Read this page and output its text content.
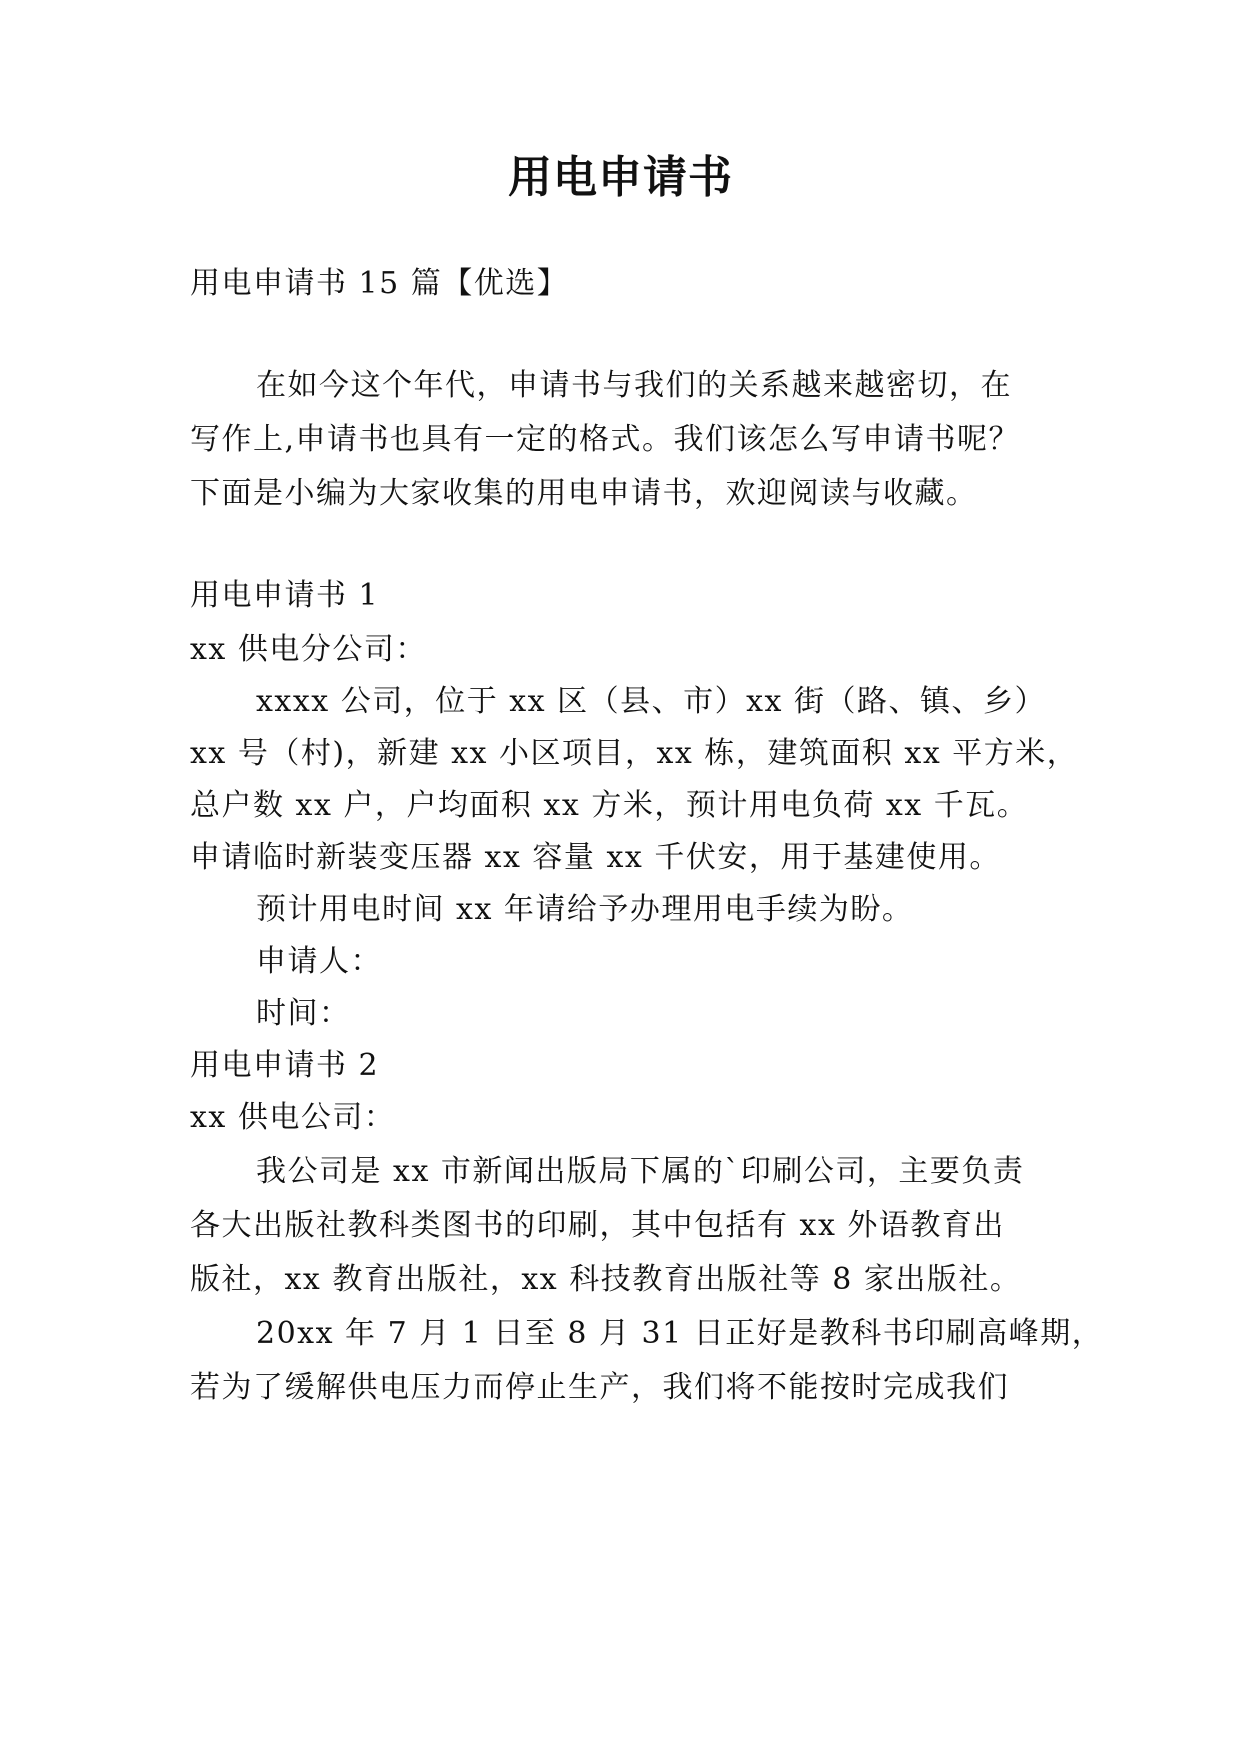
用电申请书
用电申请书 15 篇【优选】
在如今这个年代，申请书与我们的关系越来越密切，在
写作上,申请书也具有一定的格式。我们该怎么写申请书呢？
下面是小编为大家收集的用电申请书，欢迎阅读与收藏。
用电申请书 1
xx 供电分公司：
xxxx 公司，位于 xx 区（县、市）xx 街（路、镇、乡）
xx 号（村)，新建 xx 小区项目，xx 栋，建筑面积 xx 平方米，
总户数 xx 户，户均面积 xx 方米，预计用电负荷 xx 千瓦。
申请临时新装变压器 xx 容量 xx 千伏安，用于基建使用。
预计用电时间 xx 年请给予办理用电手续为盼。
申请人：
时间：
用电申请书 2
xx 供电公司：
我公司是 xx 市新闻出版局下属的`印刷公司，主要负责
各大出版社教科类图书的印刷，其中包括有 xx 外语教育出
版社，xx 教育出版社，xx 科技教育出版社等 8 家出版社。
20xx 年 7 月 1 日至 8 月 31 日正好是教科书印刷高峰期，
若为了缓解供电压力而停止生产，我们将不能按时完成我们
